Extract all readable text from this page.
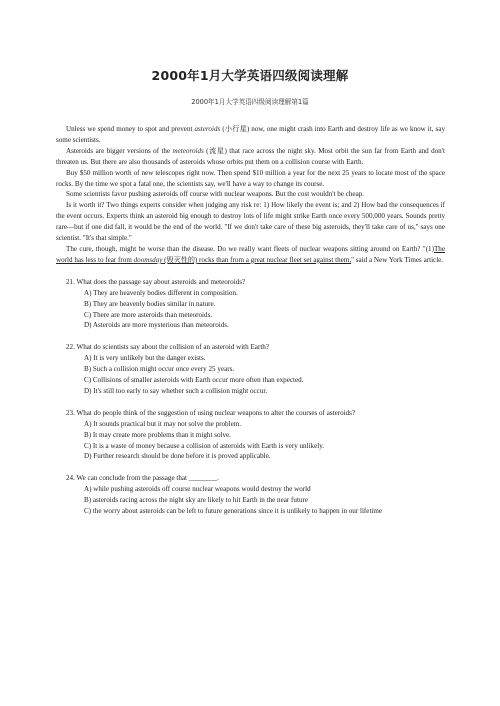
2000年1月大学英语四级阅读理解
2000年1月大学英语四级阅读理解第1篇

Unless we spend money to spot and prevent asteroids (小行星) now, one might crash into Earth and destroy life as we know it, say some scientists.

Asteroids are bigger versions of the meteoroids (流星) that race across the night sky. Most orbit the sun far from Earth and don't threaten us. But there are also thousands of asteroids whose orbits put them on a collision course with Earth.

Buy $50 million worth of new telescopes right now. Then spend $10 million a year for the next 25 years to locate most of the space rocks. By the time we spot a fatal one, the scientists say, we'll have a way to change its course.

Some scientists favor pushing asteroids off course with nuclear weapons. But the cost wouldn't be cheap.

Is it worth it? Two things experts consider when judging any risk re: 1) How likely the event is; and 2) How bad the consequences if the event occurs. Experts think an asteroid big enough to destroy lots of life might strike Earth once every 500,000 years. Sounds pretty rare—but if one did fall, it would be the end of the world. "If we don't take care of these big asteroids, they'll take care of us," says one scientist. "It's that simple."

The cure, though, might be worse than the disease. Do we really want fleets of nuclear weapons sitting around on Earth? "(1)The world has less to fear from doomsday (毁灭性的) rocks than from a great nuclear fleet set against them," said a New York Times article.

21. What does the passage say about asteroids and meteoroids?

A) They are heavenly bodies different in composition.

B) They are heavenly bodies similar in nature.

C) There are more asteroids than meteoroids.

D) Asteroids are more mysterious than meteoroids.

22. What do scientists say about the collision of an asteroid with Earth?

A) It is very unlikely but the danger exists.

B) Such a collision might occur once every 25 years.

C) Collisions of smaller asteroids with Earth occur more often than expected.

D) It's still too early to say whether such a collision might occur.

23. What do people think of the suggestion of using nuclear weapons to alter the courses of asteroids?

A) It sounds practical but it may not solve the problem.

B) It may create more problems than it might solve.

C) It is a waste of money because a collision of asteroids with Earth is very unlikely.

D) Further research should be done before it is proved applicable.

24. We can conclude from the passage that ________.

A) while pushing asteroids off course nuclear weapons would destroy the world

B) asteroids racing across the night sky are likely to hit Earth in the near future

C) the worry about asteroids can be left to future generations since it is unlikely to happen in our lifetime
